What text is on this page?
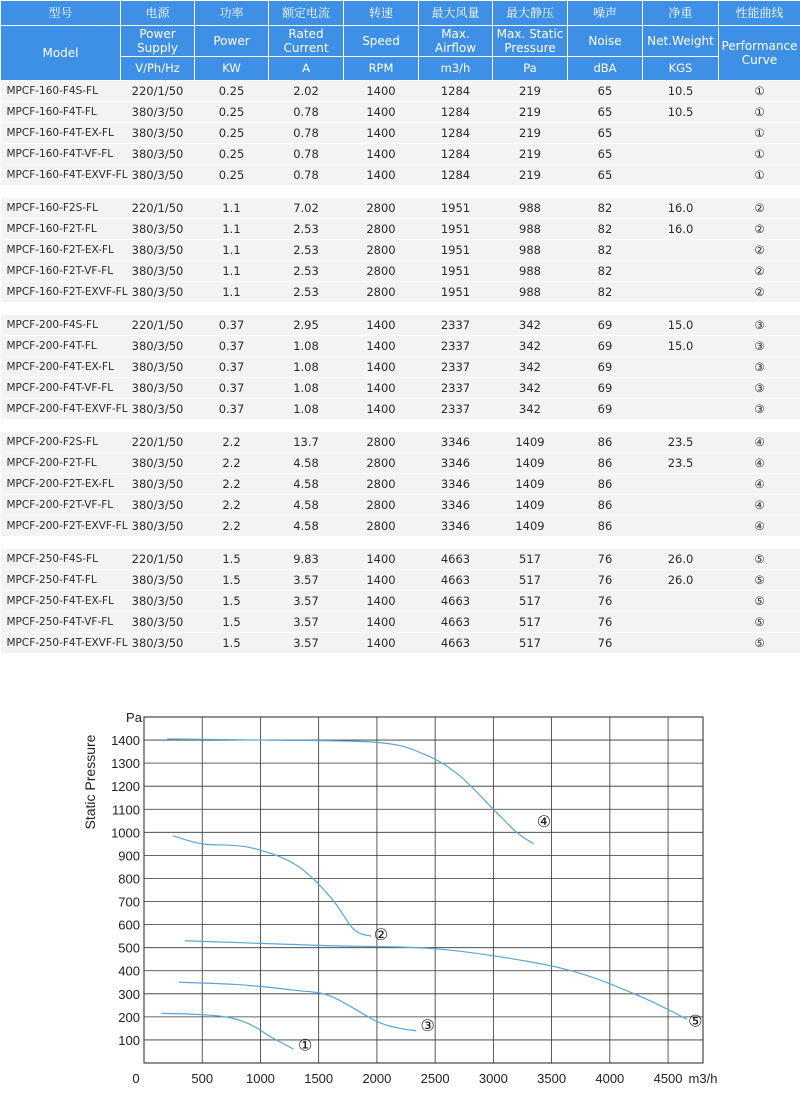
型号	电源	功率	额定电流	转速	最大风量	最大静压	噪声	净重	性能曲线
Model	Power Supply	Power	Rated Current	Speed	Max. Airflow	Max. Static Pressure	Noise	Net.Weight	Performance Curve
	V/Ph/Hz	KW	A	RPM	m3/h	Pa	dBA	KGS	
MPCF-160-F4S-FL	220/1/50	0.25	2.02	1400	1284	219	65	10.5	①
MPCF-160-F4T-FL	380/3/50	0.25	0.78	1400	1284	219	65	10.5	①
MPCF-160-F4T-EX-FL	380/3/50	0.25	0.78	1400	1284	219	65		①
MPCF-160-F4T-VF-FL	380/3/50	0.25	0.78	1400	1284	219	65		①
MPCF-160-F4T-EXVF-FL	380/3/50	0.25	0.78	1400	1284	219	65		①

MPCF-160-F2S-FL	220/1/50	1.1	7.02	2800	1951	988	82	16.0	②
MPCF-160-F2T-FL	380/3/50	1.1	2.53	2800	1951	988	82	16.0	②
MPCF-160-F2T-EX-FL	380/3/50	1.1	2.53	2800	1951	988	82		②
MPCF-160-F2T-VF-FL	380/3/50	1.1	2.53	2800	1951	988	82		②
MPCF-160-F2T-EXVF-FL	380/3/50	1.1	2.53	2800	1951	988	82		②

MPCF-200-F4S-FL	220/1/50	0.37	2.95	1400	2337	342	69	15.0	③
MPCF-200-F4T-FL	380/3/50	0.37	1.08	1400	2337	342	69	15.0	③
MPCF-200-F4T-EX-FL	380/3/50	0.37	1.08	1400	2337	342	69		③
MPCF-200-F4T-VF-FL	380/3/50	0.37	1.08	1400	2337	342	69		③
MPCF-200-F4T-EXVF-FL	380/3/50	0.37	1.08	1400	2337	342	69		③

MPCF-200-F2S-FL	220/1/50	2.2	13.7	2800	3346	1409	86	23.5	④
MPCF-200-F2T-FL	380/3/50	2.2	4.58	2800	3346	1409	86	23.5	④
MPCF-200-F2T-EX-FL	380/3/50	2.2	4.58	2800	3346	1409	86		④
MPCF-200-F2T-VF-FL	380/3/50	2.2	4.58	2800	3346	1409	86		④
MPCF-200-F2T-EXVF-FL	380/3/50	2.2	4.58	2800	3346	1409	86		④

MPCF-250-F4S-FL	220/1/50	1.5	9.83	1400	4663	517	76	26.0	⑤
MPCF-250-F4T-FL	380/3/50	1.5	3.57	1400	4663	517	76	26.0	⑤
MPCF-250-F4T-EX-FL	380/3/50	1.5	3.57	1400	4663	517	76		⑤
MPCF-250-F4T-VF-FL	380/3/50	1.5	3.57	1400	4663	517	76		⑤
MPCF-250-F4T-EXVF-FL	380/3/50	1.5	3.57	1400	4663	517	76		⑤
Static Pressure
Pa
m3/h
0	500	1000 1500 2000 2500 3000 3500 4000 4500
100
200
300
400
500
600
700
800
900
1000
1100
1200
1300
1400
①
②
③
④
⑤
